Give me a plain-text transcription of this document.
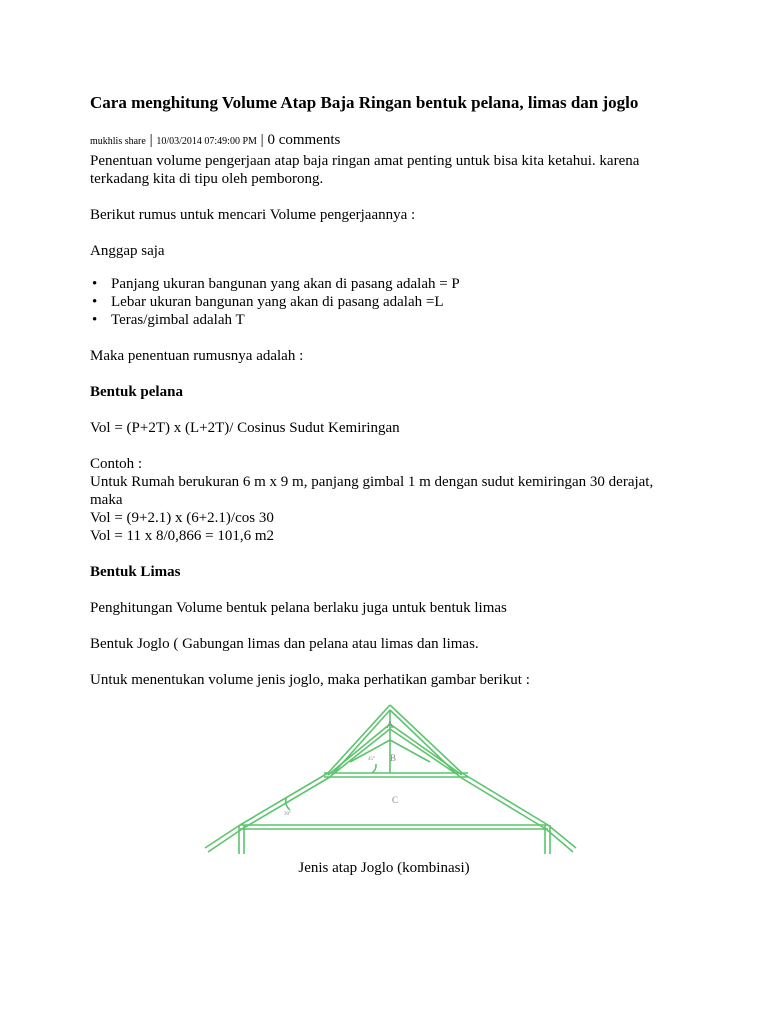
Cara menghitung Volume Atap Baja Ringan bentuk pelana, limas dan joglo
mukhlis share | 10/03/2014 07:49:00 PM | 0 comments
Penentuan volume pengerjaan atap baja ringan amat penting untuk bisa kita ketahui. karena
terkadang kita di tipu oleh pemborong.
Berikut rumus untuk mencari Volume pengerjaannya :
Anggap saja
• Panjang ukuran bangunan yang akan di pasang adalah = P
• Lebar ukuran bangunan yang akan di pasang adalah =L
• Teras/gimbal adalah T
Maka penentuan rumusnya adalah :
Bentuk pelana
Vol = (P+2T) x (L+2T)/ Cosinus Sudut Kemiringan
Contoh :
Untuk Rumah berukuran 6 m x 9 m, panjang gimbal 1 m dengan sudut kemiringan 30 derajat,
maka
Vol = (9+2.1) x (6+2.1)/cos 30
Vol = 11 x 8/0,866 = 101,6 m2
Bentuk Limas
Penghitungan Volume bentuk pelana berlaku juga untuk bentuk limas
Bentuk Joglo ( Gabungan limas dan pelana atau limas dan limas.
Untuk menentukan volume jenis joglo, maka perhatikan gambar berikut :
A
B
C
45°
30°
Jenis atap Joglo (kombinasi)
